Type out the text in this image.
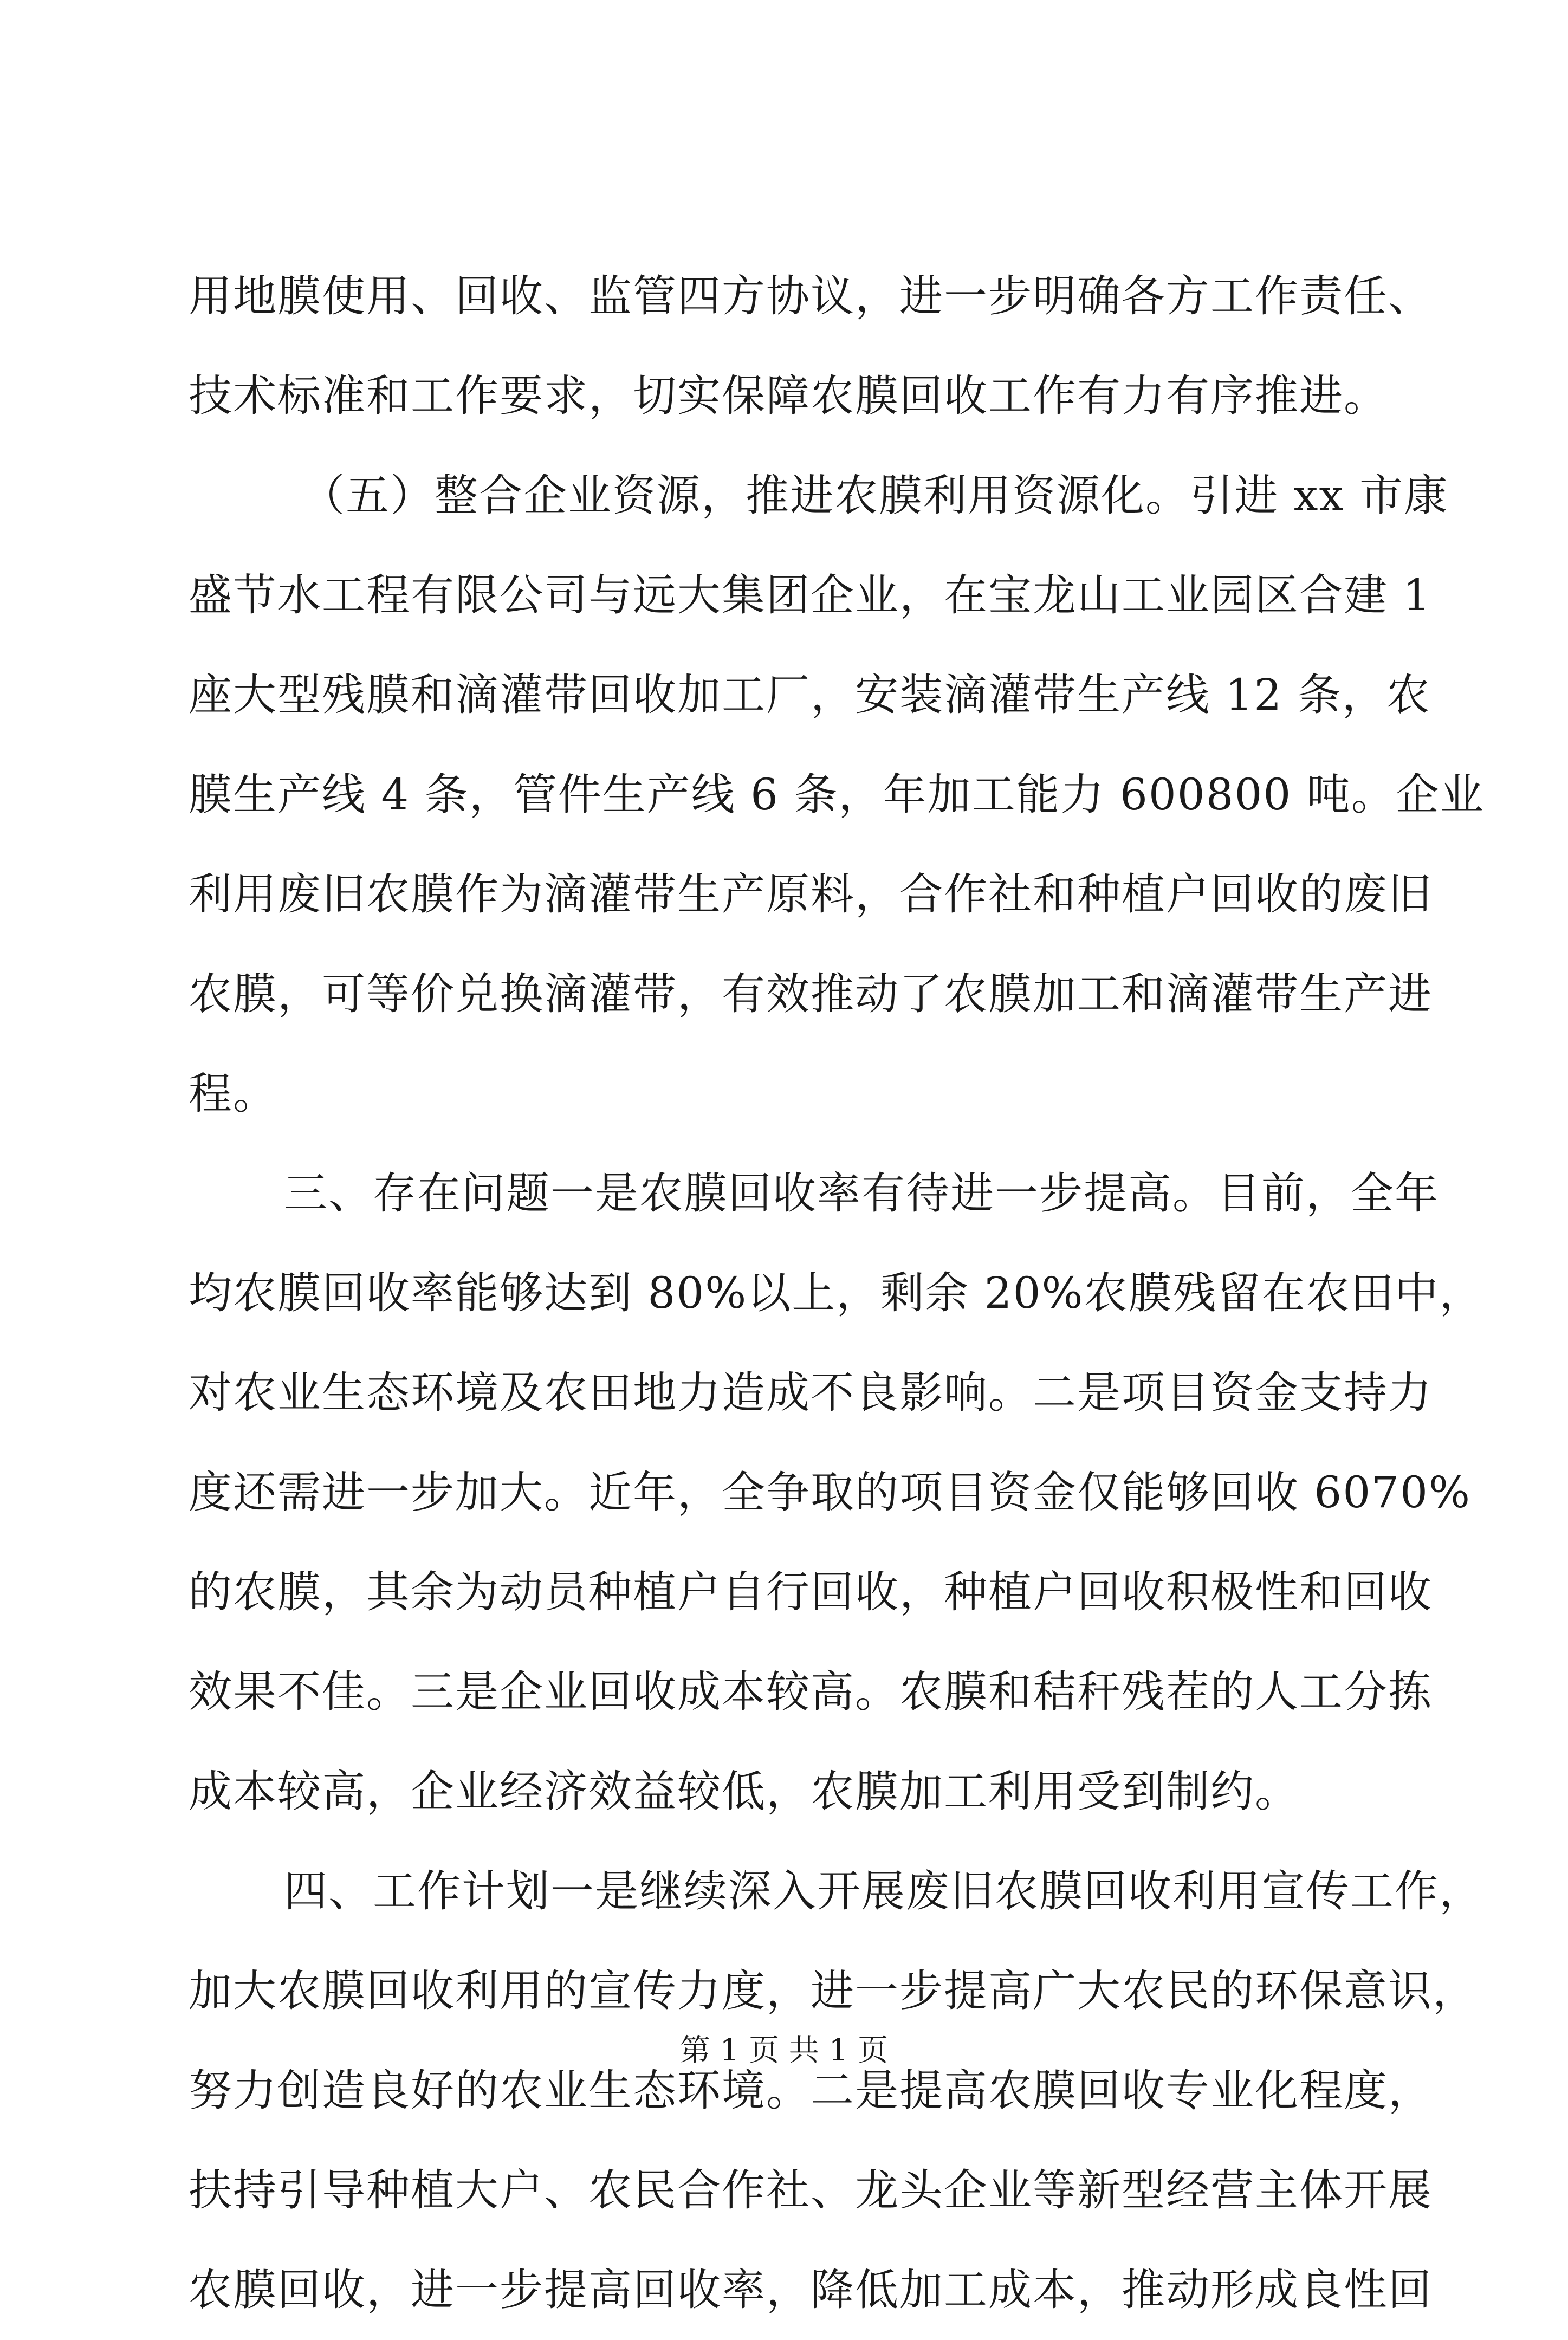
用地膜使用、回收、监管四方协议，进一步明确各方工作责任、
技术标准和工作要求，切实保障农膜回收工作有力有序推进。
（五）整合企业资源，推进农膜利用资源化。引进 xx 市康
盛节水工程有限公司与远大集团企业，在宝龙山工业园区合建 1
座大型残膜和滴灌带回收加工厂，安装滴灌带生产线 12 条，农
膜生产线 4 条，管件生产线 6 条，年加工能力 600800 吨。企业
利用废旧农膜作为滴灌带生产原料，合作社和种植户回收的废旧
农膜，可等价兑换滴灌带，有效推动了农膜加工和滴灌带生产进
程。
三、存在问题一是农膜回收率有待进一步提高。目前，全年
均农膜回收率能够达到 80%以上，剩余 20%农膜残留在农田中，
对农业生态环境及农田地力造成不良影响。二是项目资金支持力
度还需进一步加大。近年，全争取的项目资金仅能够回收 6070%
的农膜，其余为动员种植户自行回收，种植户回收积极性和回收
效果不佳。三是企业回收成本较高。农膜和秸秆残茬的人工分拣
成本较高，企业经济效益较低，农膜加工利用受到制约。
四、工作计划一是继续深入开展废旧农膜回收利用宣传工作，
加大农膜回收利用的宣传力度，进一步提高广大农民的环保意识，
努力创造良好的农业生态环境。二是提高农膜回收专业化程度，
扶持引导种植大户、农民合作社、龙头企业等新型经营主体开展
农膜回收，进一步提高回收率，降低加工成本，推动形成良性回
第 1 页 共 1 页
